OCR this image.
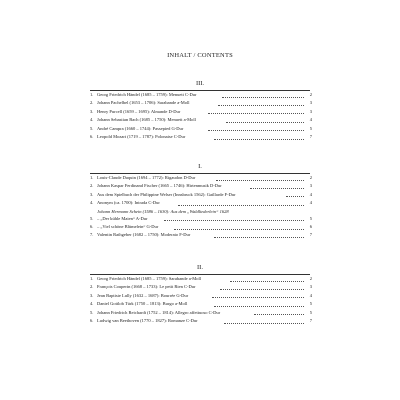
INHALT / CONTENTS
III.
1. Georg Friedrich Händel (1685 – 1759): Menuett C-Dur	2
2. Johann Pachelbel (1653 – 1706): Sarabande a-Moll	3
3. Henry Purcell (1659 – 1695): Almande D-Dur	3
4. Johann Sebastian Bach (1685 – 1750): Menuett a-Moll	4
5. André Campra (1660 – 1744): Passepied G-Dur	5
6. Leopold Mozart (1719 – 1787): Polonaise C-Dur	7
I.
1. Louis-Claude Daquin (1694 – 1772): Rigaudon D-Dur	2
2. Johann Kaspar Ferdinand Fischer (1665 – 1746): Hirtenmusik D-Dur	3
3. Aus dem Spielbuch der Philippine Welser (Innsbruck 1562): Gaillarde F-Dur	4
4. Anonym (ca. 1700): Intrada C-Dur	4
Johann Hermann Schein (1586 – 1630): Aus dem „Waldliederlein“ 1628
5. – „Der kühle Maien“ A-Dur	5
6. – „Viel schöne Blümelein“ G-Dur	6
7. Valentin Rathgeber (1682 – 1750): Moderato F-Dur	7
II.
1. Georg Friedrich Händel (1685 – 1759): Sarabande a-Moll	2
2. François Couperin (1668 – 1733): Le petit Rien C-Dur	3
3. Jean Baptiste Lully (1632 – 1687): Bourrée G-Dur	4
4. Daniel Gottlob Türk (1750 – 1813): Burgo a-Moll	5
5. Johann Friedrich Reichardt (1752 – 1814): Allegro affettuoso C-Dur	5
6. Ludwig van Beethoven (1770 – 1827): Romanze C-Dur	7
